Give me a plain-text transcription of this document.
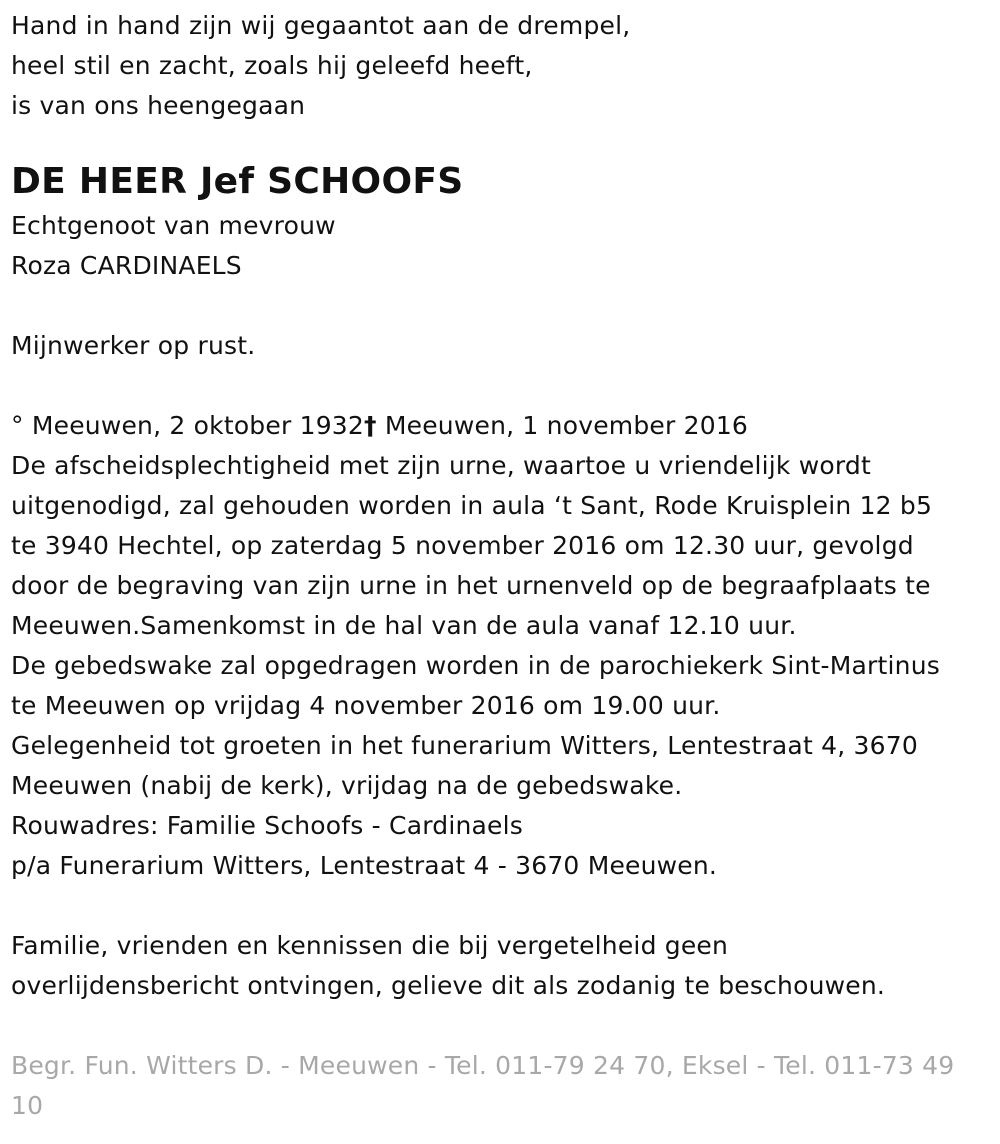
Hand in hand zijn wij gegaantot aan de drempel,
heel stil en zacht, zoals hij geleefd heeft,
is van ons heengegaan
DE HEER Jef SCHOOFS
Echtgenoot van mevrouw
Roza CARDINAELS
Mijnwerker op rust.
° Meeuwen, 2 oktober 1932† Meeuwen, 1 november 2016
De afscheidsplechtigheid met zijn urne, waartoe u vriendelijk wordt
uitgenodigd, zal gehouden worden in aula ‘t Sant, Rode Kruisplein 12 b5
te 3940 Hechtel, op zaterdag 5 november 2016 om 12.30 uur, gevolgd
door de begraving van zijn urne in het urnenveld op de begraafplaats te
Meeuwen.Samenkomst in de hal van de aula vanaf 12.10 uur.
De gebedswake zal opgedragen worden in de parochiekerk Sint-Martinus
te Meeuwen op vrijdag 4 november 2016 om 19.00 uur.
Gelegenheid tot groeten in het funerarium Witters, Lentestraat 4, 3670
Meeuwen (nabij de kerk), vrijdag na de gebedswake.
Rouwadres: Familie Schoofs - Cardinaels
p/a Funerarium Witters, Lentestraat 4 - 3670 Meeuwen.
Familie, vrienden en kennissen die bij vergetelheid geen
overlijdensbericht ontvingen, gelieve dit als zodanig te beschouwen.
Begr. Fun. Witters D. - Meeuwen - Tel. 011-79 24 70, Eksel - Tel. 011-73 49 10
